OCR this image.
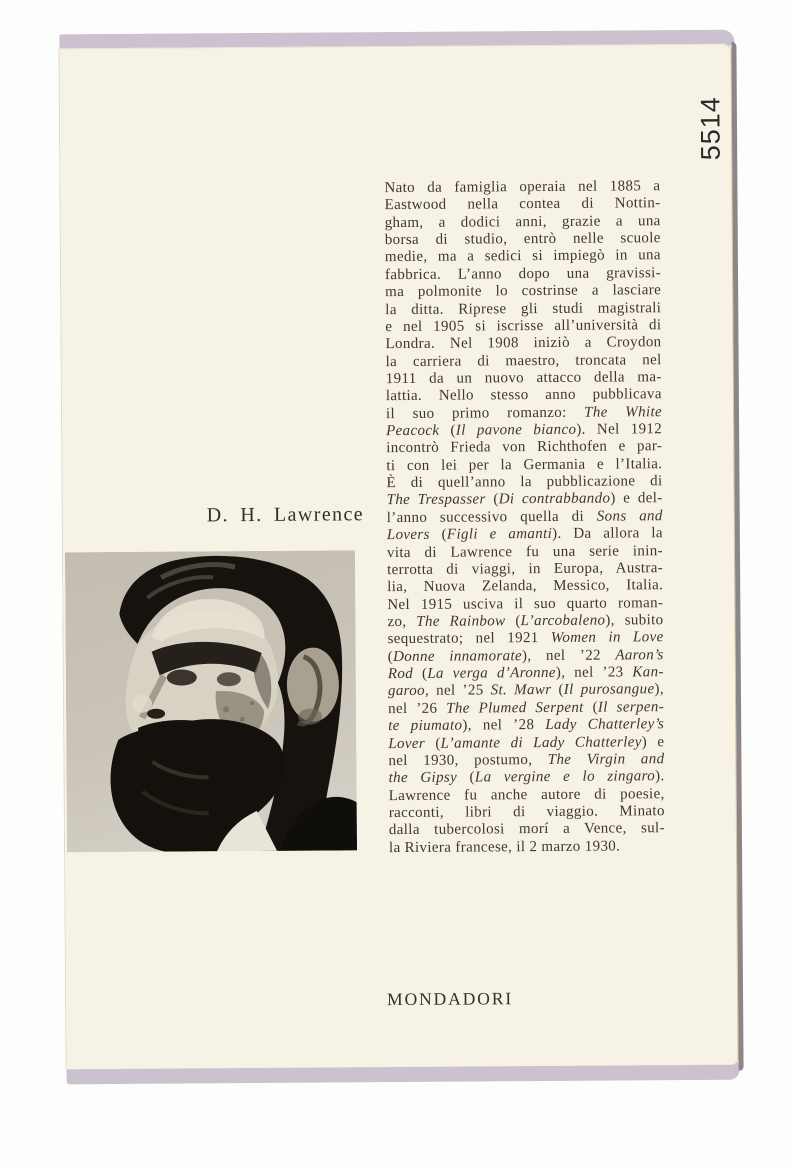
5514
Nato da famiglia operaia nel 1885 a
Eastwood nella contea di Nottin-
gham, a dodici anni, grazie a una
borsa di studio, entrò nelle scuole
medie, ma a sedici si impiegò in una
fabbrica. L’anno dopo una gravissi-
ma polmonite lo costrinse a lasciare
la ditta. Riprese gli studi magistrali
e nel 1905 si iscrisse all’università di
Londra. Nel 1908 iniziò a Croydon
la carriera di maestro, troncata nel
1911 da un nuovo attacco della ma-
lattia. Nello stesso anno pubblicava
il suo primo romanzo: The White
Peacock (Il pavone bianco). Nel 1912
incontrò Frieda von Richthofen e par-
ti con lei per la Germania e l’Italia.
È di quell’anno la pubblicazione di
The Trespasser (Di contrabbando) e del-
l’anno successivo quella di Sons and
Lovers (Figli e amanti). Da allora la
vita di Lawrence fu una serie inin-
terrotta di viaggi, in Europa, Austra-
lia, Nuova Zelanda, Messico, Italia.
Nel 1915 usciva il suo quarto roman-
zo, The Rainbow (L’arcobaleno), subito
sequestrato; nel 1921 Women in Love
(Donne innamorate), nel ’22 Aaron’s
Rod (La verga d’Aronne), nel ’23 Kan-
garoo, nel ’25 St. Mawr (Il purosangue),
nel ’26 The Plumed Serpent (Il serpen-
te piumato), nel ’28 Lady Chatterley’s
Lover (L’amante di Lady Chatterley) e
nel 1930, postumo, The Virgin and
the Gipsy (La vergine e lo zingaro).
Lawrence fu anche autore di poesie,
racconti, libri di viaggio. Minato
dalla tubercolosi morí a Vence, sul-
la Riviera francese, il 2 marzo 1930.
D. H. Lawrence
MONDADORI
